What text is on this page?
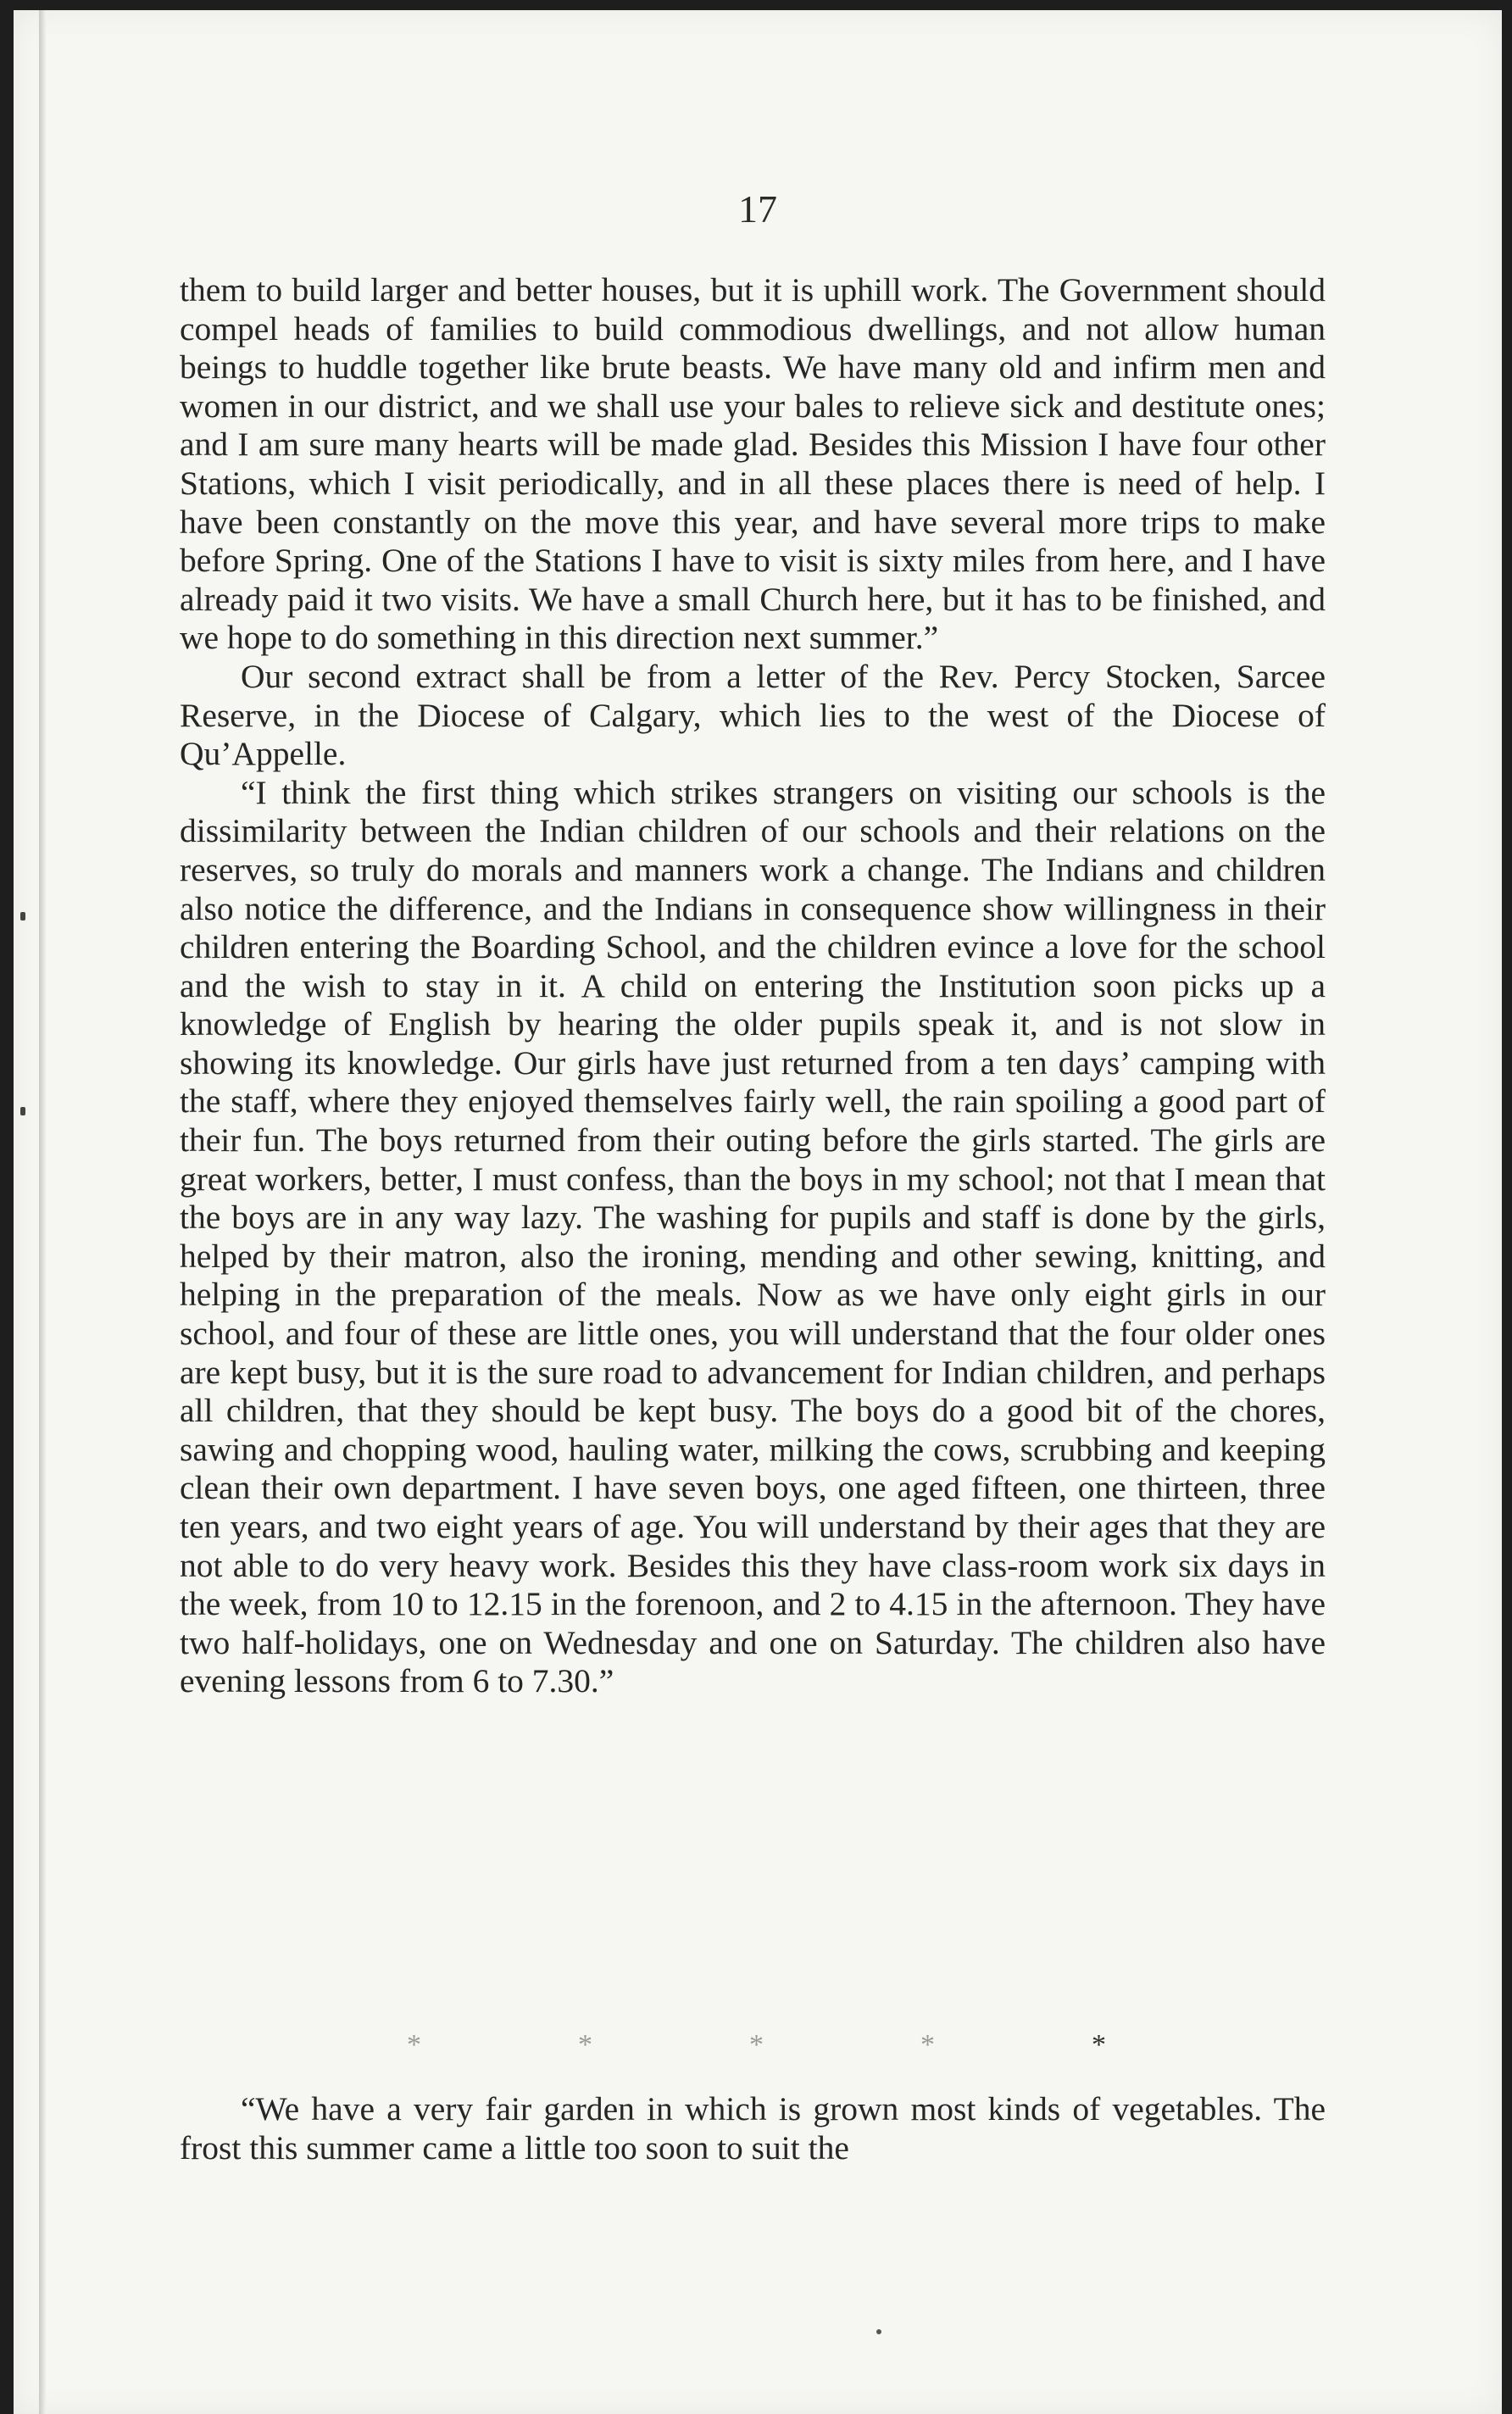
17

them to build larger and better houses, but it is uphill work. The Government should compel heads of families to build commodious dwellings, and not allow human beings to huddle together like brute beasts. We have many old and infirm men and women in our district, and we shall use your bales to relieve sick and destitute ones; and I am sure many hearts will be made glad. Besides this Mission I have four other Stations, which I visit periodically, and in all these places there is need of help. I have been constantly on the move this year, and have several more trips to make before Spring. One of the Stations I have to visit is sixty miles from here, and I have already paid it two visits. We have a small Church here, but it has to be finished, and we hope to do something in this direction next summer.”

Our second extract shall be from a letter of the Rev. Percy Stocken, Sarcee Reserve, in the Diocese of Calgary, which lies to the west of the Diocese of Qu’Appelle.

“I think the first thing which strikes strangers on visiting our schools is the dissimilarity between the Indian children of our schools and their relations on the reserves, so truly do morals and manners work a change. The Indians and children also notice the difference, and the Indians in consequence show willingness in their children entering the Boarding School, and the children evince a love for the school and the wish to stay in it. A child on entering the Institution soon picks up a knowledge of English by hearing the older pupils speak it, and is not slow in showing its knowledge. Our girls have just returned from a ten days’ camping with the staff, where they enjoyed themselves fairly well, the rain spoiling a good part of their fun. The boys returned from their outing before the girls started. The girls are great workers, better, I must confess, than the boys in my school; not that I mean that the boys are in any way lazy. The washing for pupils and staff is done by the girls, helped by their matron, also the ironing, mending and other sewing, knitting, and helping in the preparation of the meals. Now as we have only eight girls in our school, and four of these are little ones, you will understand that the four older ones are kept busy, but it is the sure road to advancement for Indian children, and perhaps all children, that they should be kept busy. The boys do a good bit of the chores, sawing and chopping wood, hauling water, milking the cows, scrubbing and keeping clean their own department. I have seven boys, one aged fifteen, one thirteen, three ten years, and two eight years of age. You will understand by their ages that they are not able to do very heavy work. Besides this they have class-room work six days in the week, from 10 to 12.15 in the forenoon, and 2 to 4.15 in the afternoon. They have two half-holidays, one on Wednesday and one on Saturday. The children also have evening lessons from 6 to 7.30.”

*	*	*	*	*

“We have a very fair garden in which is grown most kinds of vegetables. The frost this summer came a little too soon to suit the
